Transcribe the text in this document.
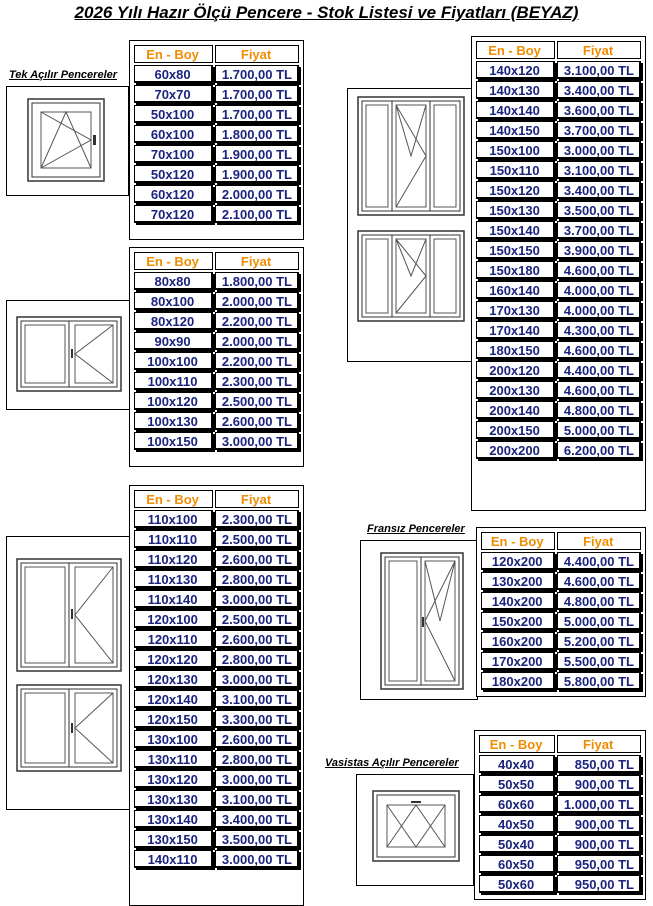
2026 Yılı Hazır Ölçü Pencere - Stok Listesi ve Fiyatları (BEYAZ)
Tek Açılır Pencereler
En - Boy	Fiyat
60x80	1.700,00 TL
70x70	1.700,00 TL
50x100	1.700,00 TL
60x100	1.800,00 TL
70x100	1.900,00 TL
50x120	1.900,00 TL
60x120	2.000,00 TL
70x120	2.100,00 TL
En - Boy	Fiyat
80x80	1.800,00 TL
80x100	2.000,00 TL
80x120	2.200,00 TL
90x90	2.000,00 TL
100x100	2.200,00 TL
100x110	2.300,00 TL
100x120	2.500,00 TL
100x130	2.600,00 TL
100x150	3.000,00 TL
En - Boy	Fiyat
110x100	2.300,00 TL
110x110	2.500,00 TL
110x120	2.600,00 TL
110x130	2.800,00 TL
110x140	3.000,00 TL
120x100	2.500,00 TL
120x110	2.600,00 TL
120x120	2.800,00 TL
120x130	3.000,00 TL
120x140	3.100,00 TL
120x150	3.300,00 TL
130x100	2.600,00 TL
130x110	2.800,00 TL
130x120	3.000,00 TL
130x130	3.100,00 TL
130x140	3.400,00 TL
130x150	3.500,00 TL
140x110	3.000,00 TL
En - Boy	Fiyat
140x120	3.100,00 TL
140x130	3.400,00 TL
140x140	3.600,00 TL
140x150	3.700,00 TL
150x100	3.000,00 TL
150x110	3.100,00 TL
150x120	3.400,00 TL
150x130	3.500,00 TL
150x140	3.700,00 TL
150x150	3.900,00 TL
150x180	4.600,00 TL
160x140	4.000,00 TL
170x130	4.000,00 TL
170x140	4.300,00 TL
180x150	4.600,00 TL
200x120	4.400,00 TL
200x130	4.600,00 TL
200x140	4.800,00 TL
200x150	5.000,00 TL
200x200	6.200,00 TL
Fransız Pencereler
En - Boy	Fiyat
120x200	4.400,00 TL
130x200	4.600,00 TL
140x200	4.800,00 TL
150x200	5.000,00 TL
160x200	5.200,00 TL
170x200	5.500,00 TL
180x200	5.800,00 TL
Vasistas Açılır Pencereler
En - Boy	Fiyat
40x40	850,00 TL
50x50	900,00 TL
60x60	1.000,00 TL
40x50	900,00 TL
50x40	900,00 TL
60x50	950,00 TL
50x60	950,00 TL
